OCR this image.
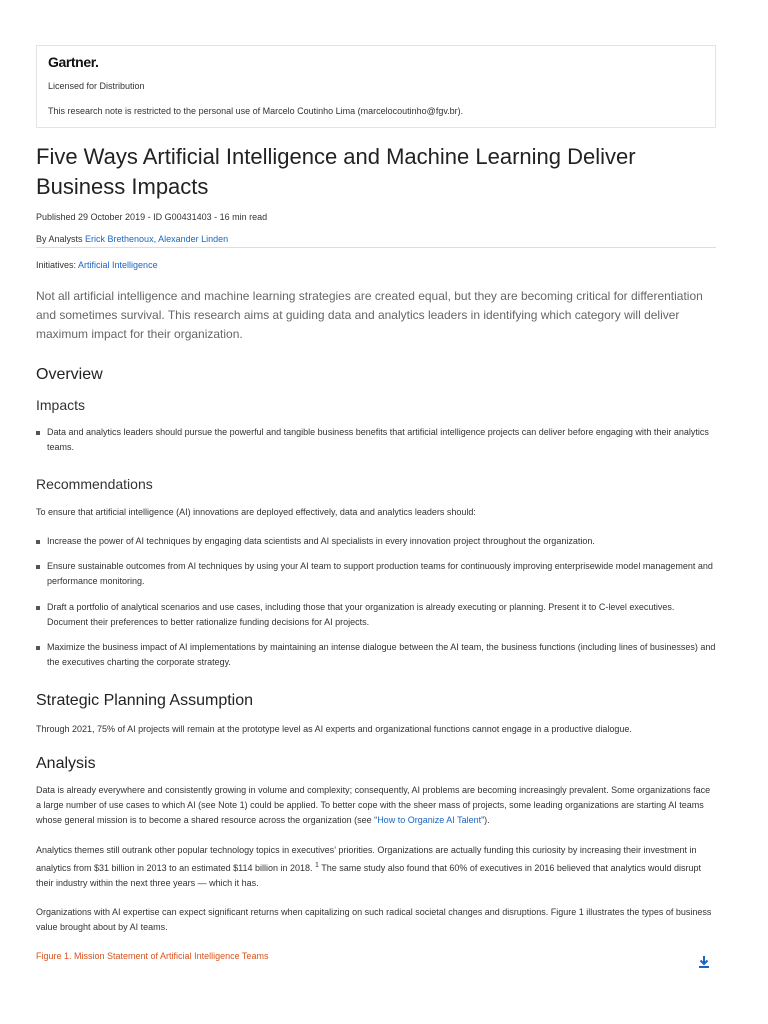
Gartner.
Licensed for Distribution
This research note is restricted to the personal use of Marcelo Coutinho Lima (marcelocoutinho@fgv.br).
Five Ways Artificial Intelligence and Machine Learning Deliver Business Impacts
Published 29 October 2019 - ID G00431403 - 16 min read
By Analysts Erick Brethenoux, Alexander Linden
Initiatives: Artificial Intelligence

Not all artificial intelligence and machine learning strategies are created equal, but they are becoming critical for differentiation and sometimes survival. This research aims at guiding data and analytics leaders in identifying which category will deliver maximum impact for their organization.

Overview
Impacts
Data and analytics leaders should pursue the powerful and tangible business benefits that artificial intelligence projects can deliver before engaging with their analytics teams.
Recommendations
To ensure that artificial intelligence (AI) innovations are deployed effectively, data and analytics leaders should:
Increase the power of AI techniques by engaging data scientists and AI specialists in every innovation project throughout the organization.
Ensure sustainable outcomes from AI techniques by using your AI team to support production teams for continuously improving enterprisewide model management and performance monitoring.
Draft a portfolio of analytical scenarios and use cases, including those that your organization is already executing or planning. Present it to C-level executives. Document their preferences to better rationalize funding decisions for AI projects.
Maximize the business impact of AI implementations by maintaining an intense dialogue between the AI team, the business functions (including lines of businesses) and the executives charting the corporate strategy.
Strategic Planning Assumption
Through 2021, 75% of AI projects will remain at the prototype level as AI experts and organizational functions cannot engage in a productive dialogue.
Analysis
Data is already everywhere and consistently growing in volume and complexity; consequently, AI problems are becoming increasingly prevalent. Some organizations face a large number of use cases to which AI (see Note 1) could be applied. To better cope with the sheer mass of projects, some leading organizations are starting AI teams whose general mission is to become a shared resource across the organization (see “How to Organize AI Talent”).
Analytics themes still outrank other popular technology topics in executives’ priorities. Organizations are actually funding this curiosity by increasing their investment in analytics from $31 billion in 2013 to an estimated $114 billion in 2018. $^1$ The same study also found that 60% of executives in 2016 believed that analytics would disrupt their industry within the next three years — which it has.
Organizations with AI expertise can expect significant returns when capitalizing on such radical societal changes and disruptions. Figure 1 illustrates the types of business value brought about by AI teams.
Figure 1. Mission Statement of Artificial Intelligence Teams
